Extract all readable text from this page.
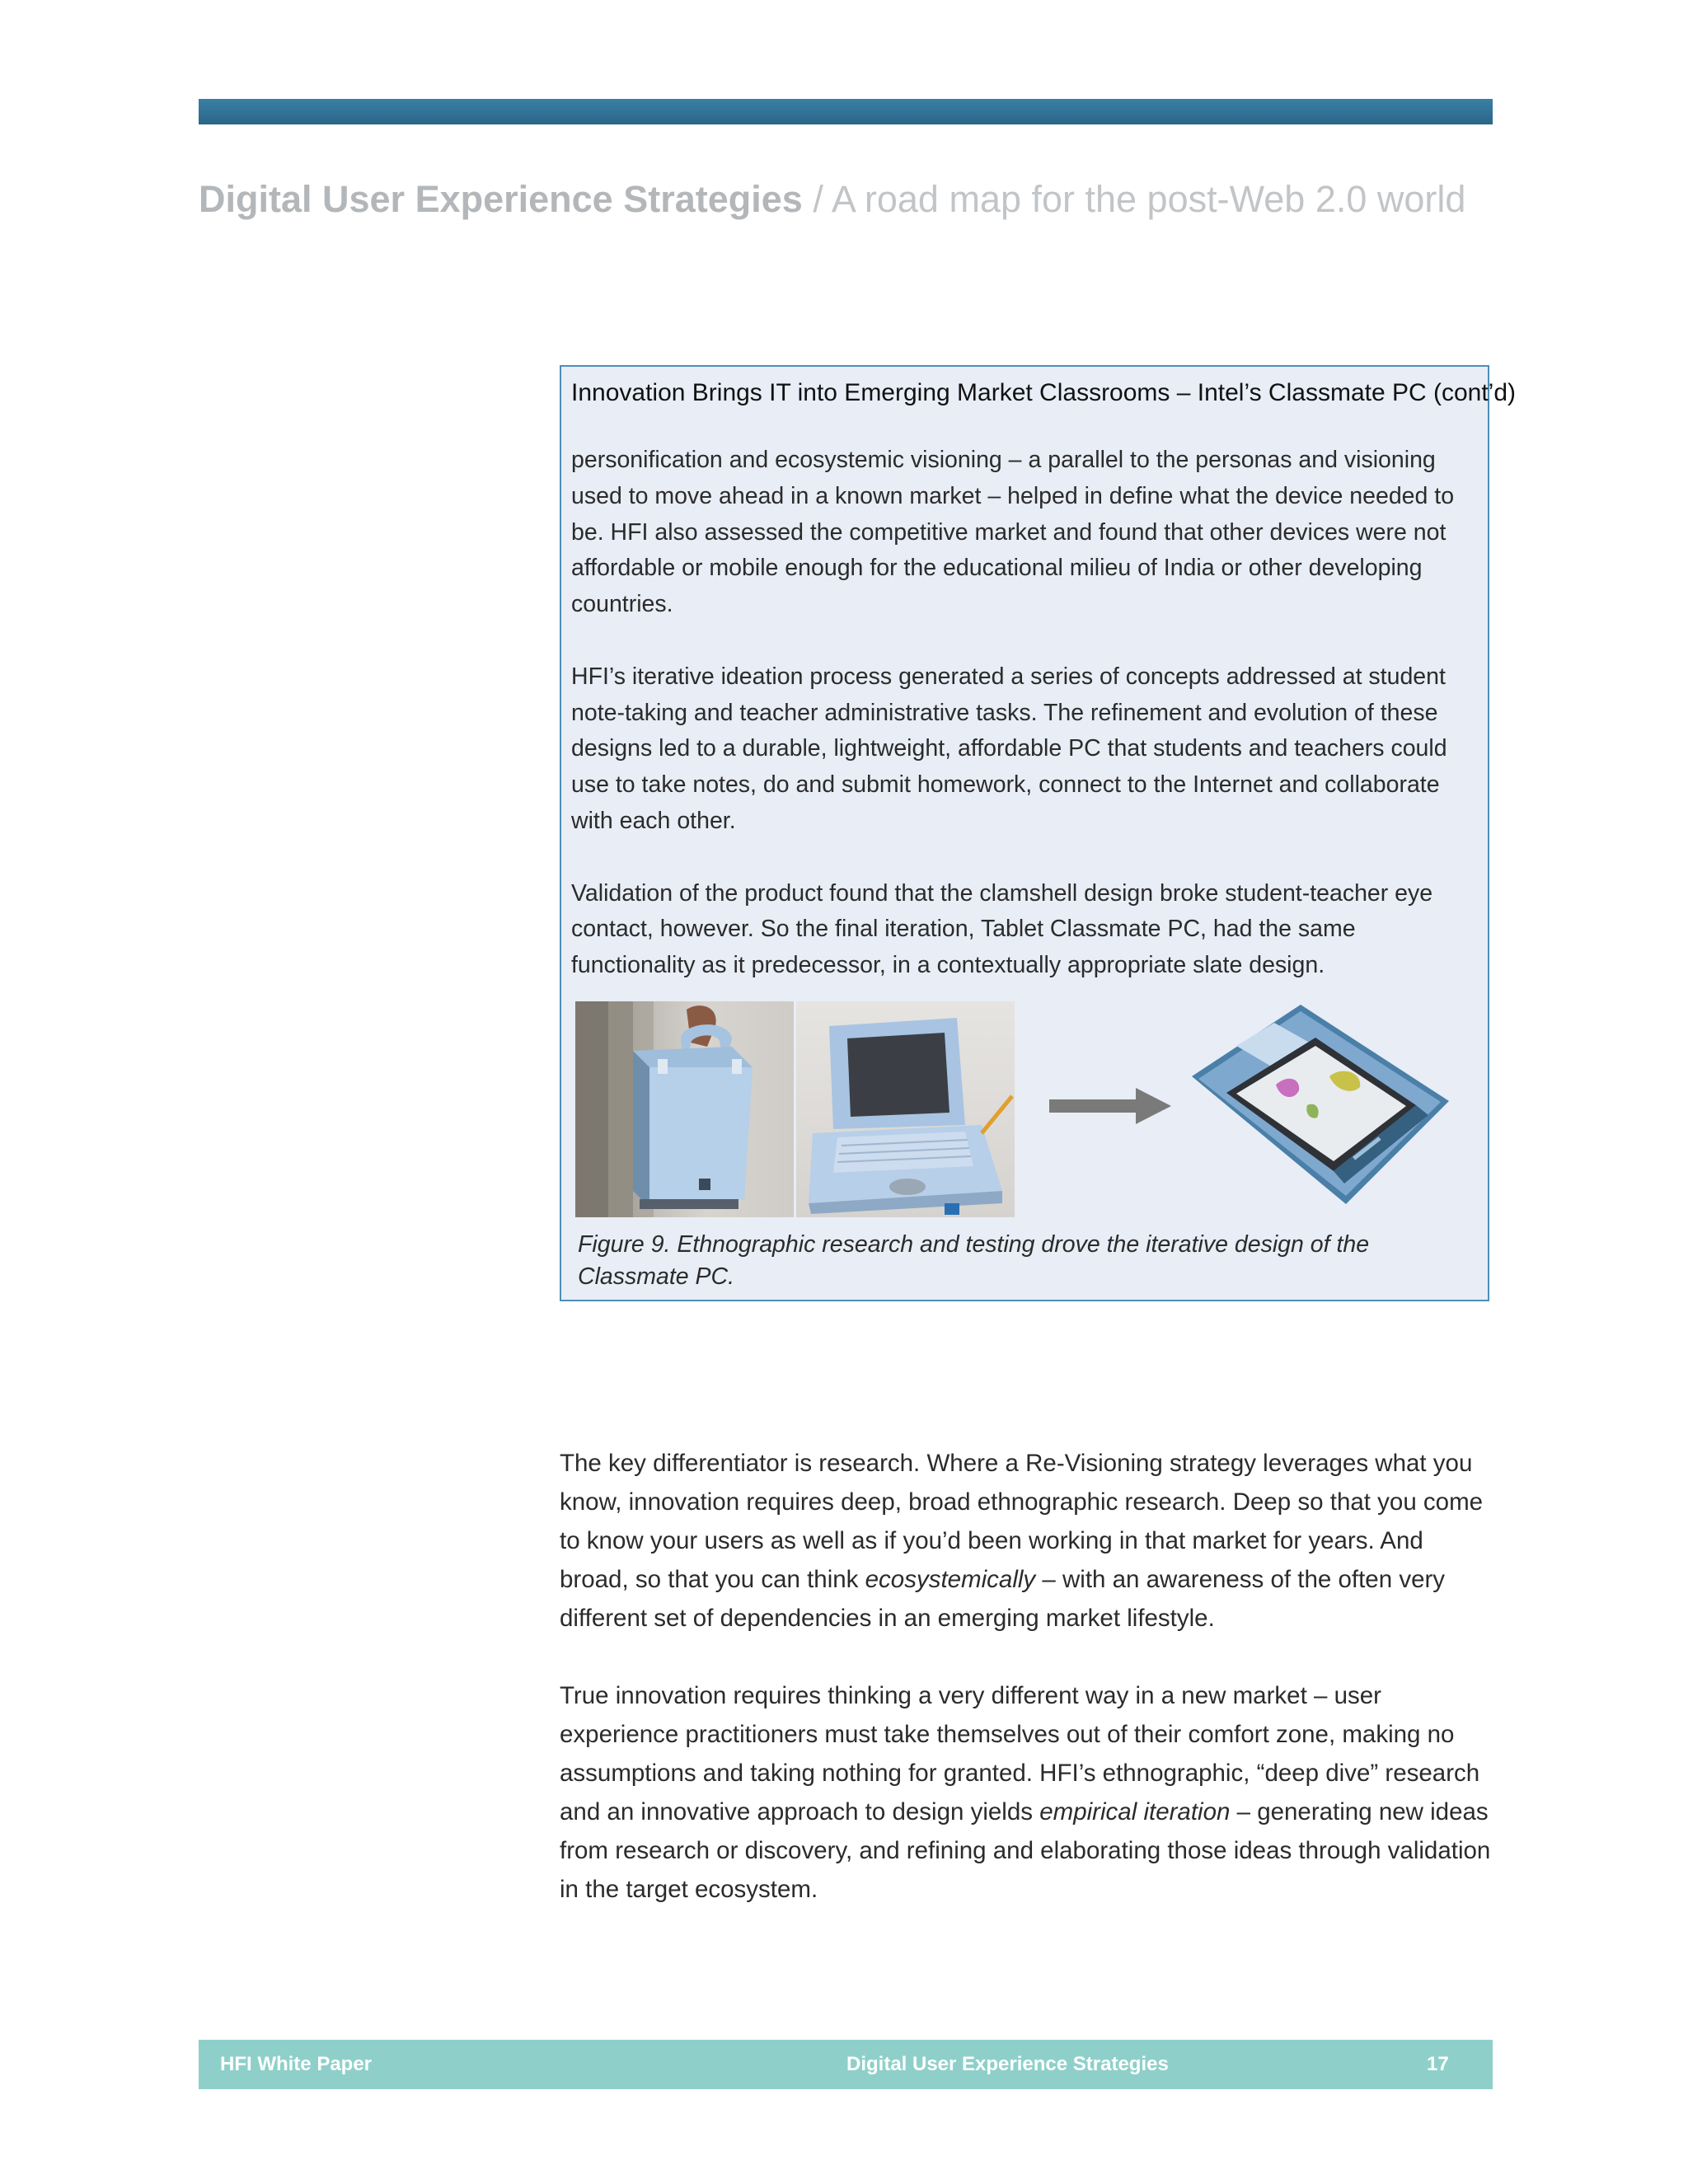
Digital User Experience Strategies / A road map for the post-Web 2.0 world
Innovation Brings IT into Emerging Market Classrooms – Intel’s Classmate PC (cont’d)

personification and ecosystemic visioning – a parallel to the personas and visioning used to move ahead in a known market – helped in define what the device needed to be. HFI also assessed the competitive market and found that other devices were not affordable or mobile enough for the educational milieu of India or other developing countries.

HFI’s iterative ideation process generated a series of concepts addressed at student note-taking and teacher administrative tasks. The refinement and evolution of these designs led to a durable, lightweight, affordable PC that students and teachers could use to take notes, do and submit homework, connect to the Internet and collaborate with each other.

Validation of the product found that the clamshell design broke student-teacher eye contact, however. So the final iteration, Tablet Classmate PC, had the same functionality as it predecessor, in a contextually appropriate slate design.

Figure 9. Ethnographic research and testing drove the iterative design of the Classmate PC.

The key differentiator is research. Where a Re-Visioning strategy leverages what you know, innovation requires deep, broad ethnographic research. Deep so that you come to know your users as well as if you’d been working in that market for years. And broad, so that you can think ecosystemically – with an awareness of the often very different set of dependencies in an emerging market lifestyle.

True innovation requires thinking a very different way in a new market – user experience practitioners must take themselves out of their comfort zone, making no assumptions and taking nothing for granted. HFI’s ethnographic, “deep dive” research and an innovative approach to design yields empirical iteration – generating new ideas from research or discovery, and refining and elaborating those ideas through validation in the target ecosystem.

HFI White Paper	Digital User Experience Strategies	17
